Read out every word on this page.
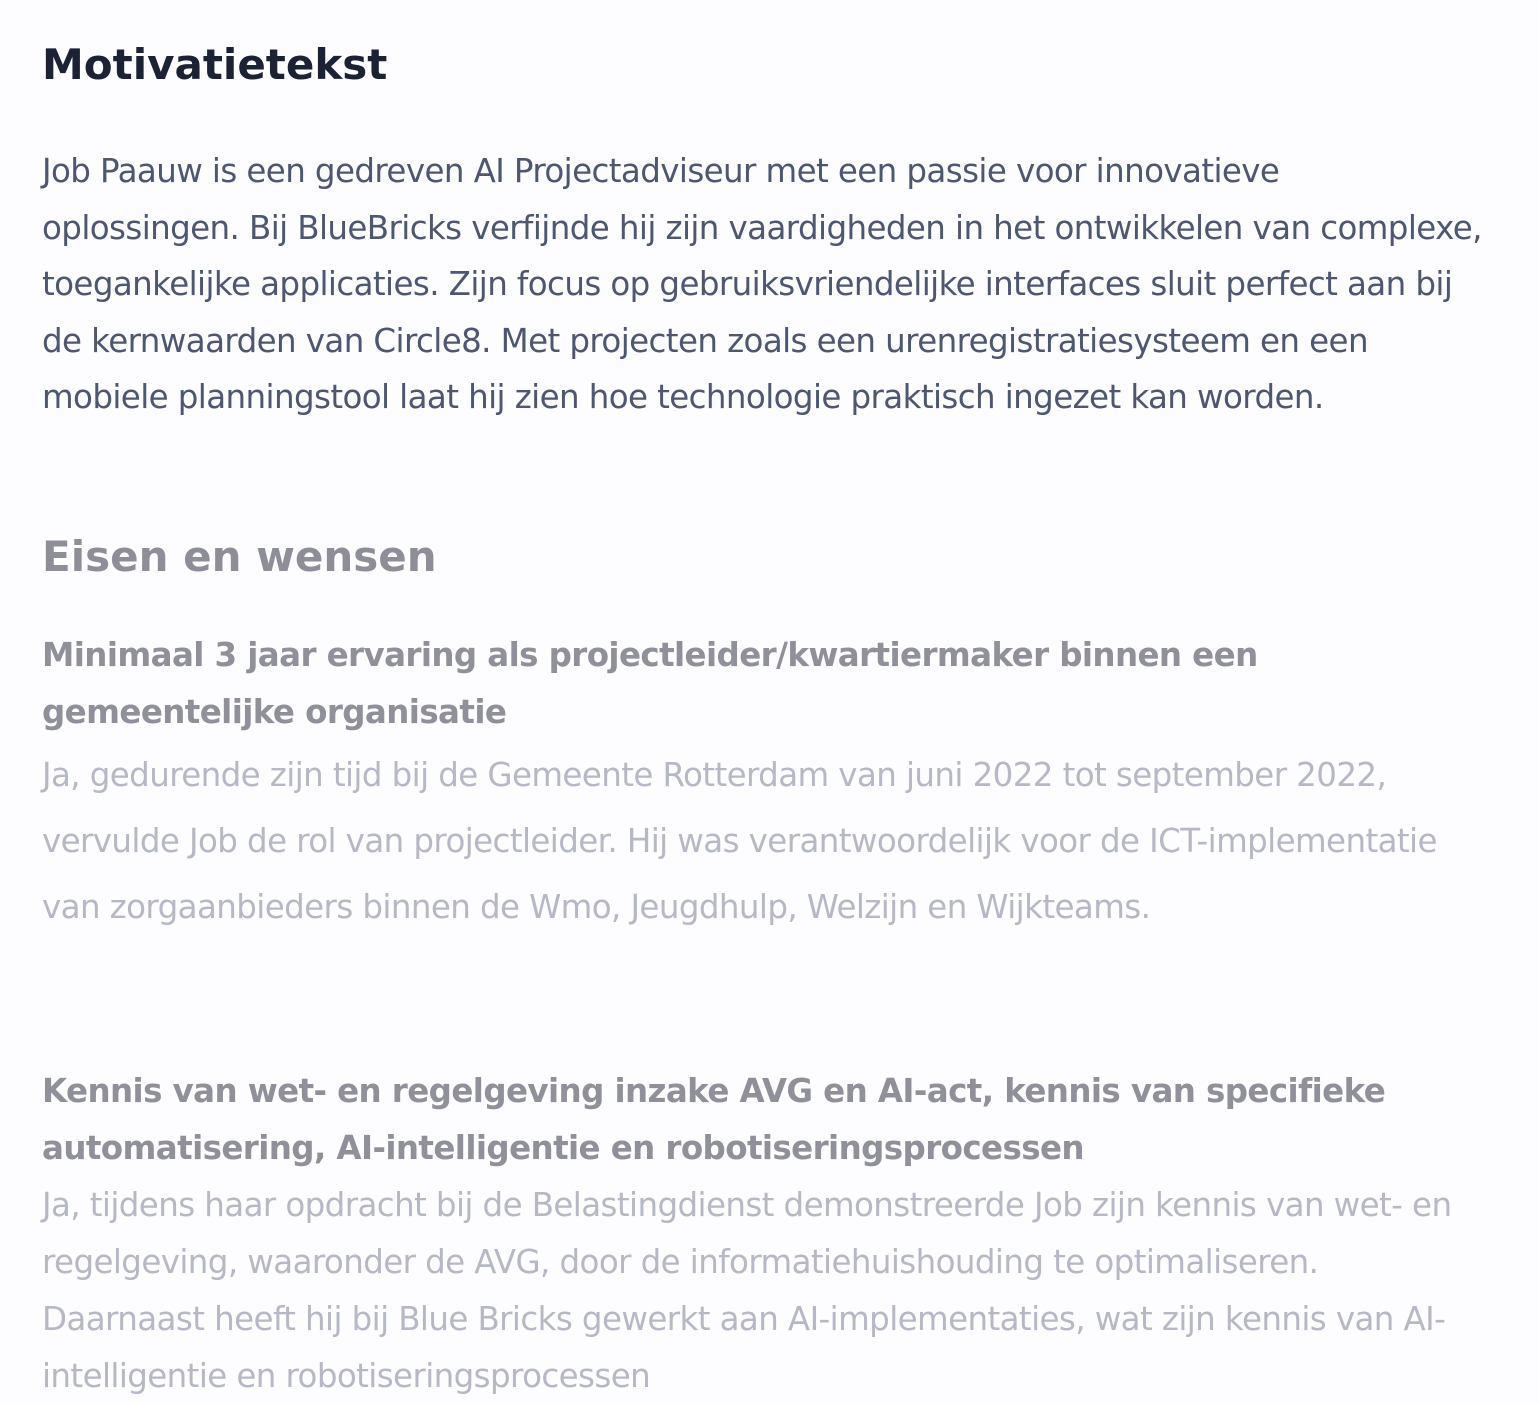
Motivatietekst

Job Paauw is een gedreven AI Projectadviseur met een passie voor innovatieve oplossingen. Bij BlueBricks verfijnde hij zijn vaardigheden in het ontwikkelen van complexe, toegankelijke applicaties. Zijn focus op gebruiksvriendelijke interfaces sluit perfect aan bij de kernwaarden van Circle8. Met projecten zoals een urenregistratiesysteem en een mobiele planningstool laat hij zien hoe technologie praktisch ingezet kan worden.

Eisen en wensen

Minimaal 3 jaar ervaring als projectleider/kwartiermaker binnen een gemeentelijke organisatie

Ja, gedurende zijn tijd bij de Gemeente Rotterdam van juni 2022 tot september 2022, vervulde Job de rol van projectleider. Hij was verantwoordelijk voor de ICT-implementatie van zorgaanbieders binnen de Wmo, Jeugdhulp, Welzijn en Wijkteams.

Kennis van wet- en regelgeving inzake AVG en AI-act, kennis van specifieke automatisering, AI-intelligentie en robotiseringsprocessen

Ja, tijdens haar opdracht bij de Belastingdienst demonstreerde Job zijn kennis van wet- en regelgeving, waaronder de AVG, door de informatiehuishouding te optimaliseren. Daarnaast heeft hij bij Blue Bricks gewerkt aan AI-implementaties, wat zijn kennis van AI-intelligentie en robotiseringsprocessen
